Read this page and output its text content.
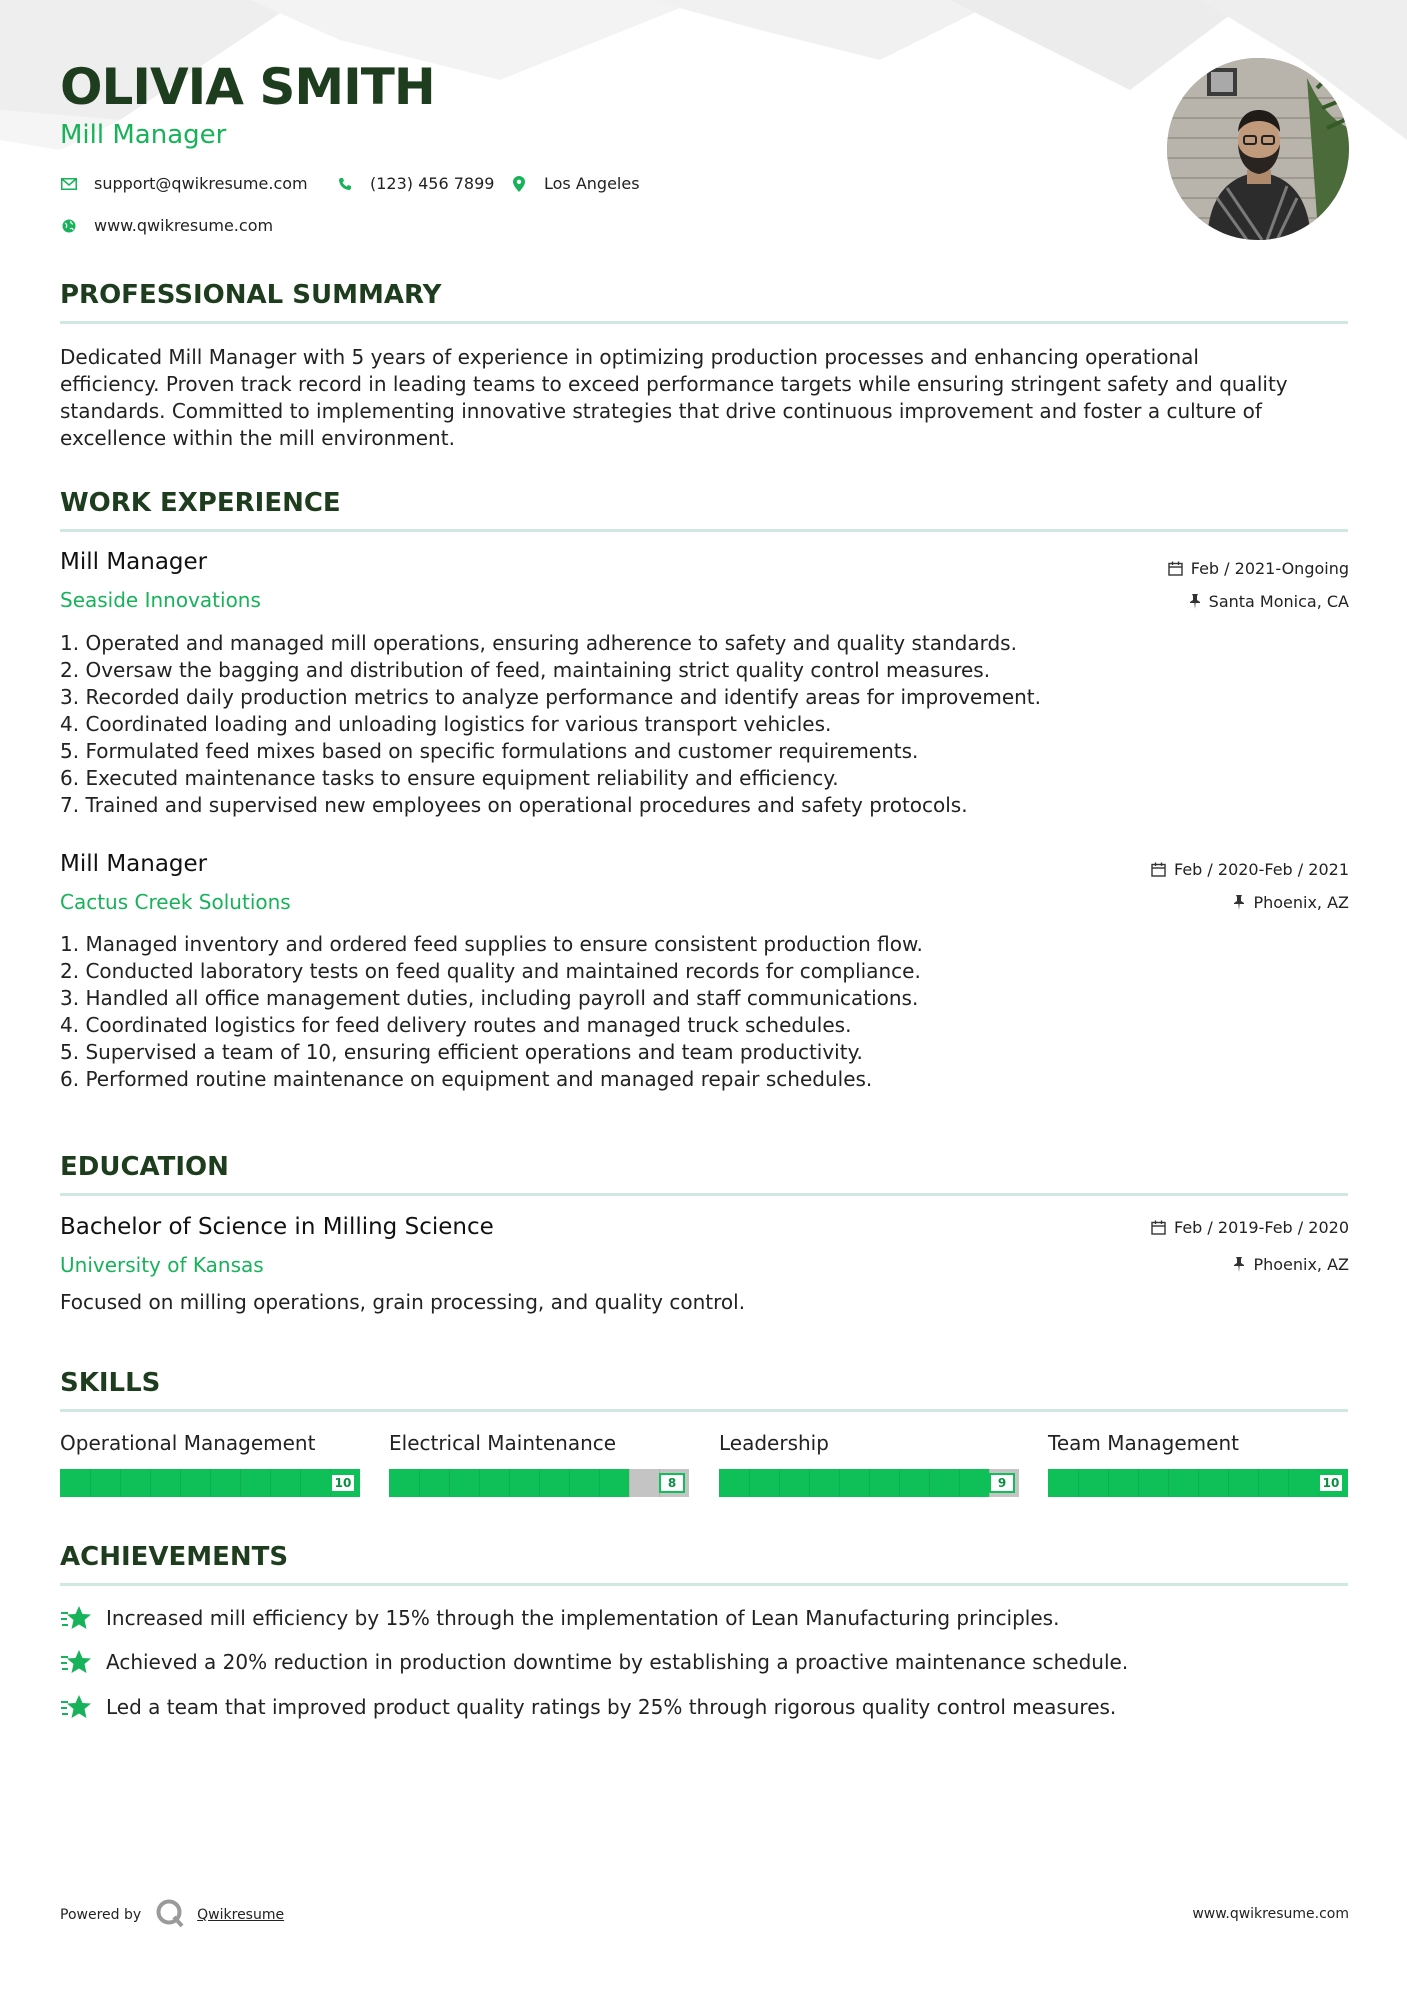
OLIVIA SMITH
Mill Manager
support@qwikresume.com	(123) 456 7899	Los Angeles
www.qwikresume.com
PROFESSIONAL SUMMARY
Dedicated Mill Manager with 5 years of experience in optimizing production processes and enhancing operational
efficiency. Proven track record in leading teams to exceed performance targets while ensuring stringent safety and quality
standards. Committed to implementing innovative strategies that drive continuous improvement and foster a culture of
excellence within the mill environment.
WORK EXPERIENCE
Mill Manager
Seaside Innovations
Feb / 2021-Ongoing
Santa Monica, CA
Operated and managed mill operations, ensuring adherence to safety and quality standards.
Oversaw the bagging and distribution of feed, maintaining strict quality control measures.
Recorded daily production metrics to analyze performance and identify areas for improvement.
Coordinated loading and unloading logistics for various transport vehicles.
Formulated feed mixes based on specific formulations and customer requirements.
Executed maintenance tasks to ensure equipment reliability and efficiency.
Trained and supervised new employees on operational procedures and safety protocols.
Mill Manager
Cactus Creek Solutions
Feb / 2020-Feb / 2021
Phoenix, AZ
Managed inventory and ordered feed supplies to ensure consistent production flow.
Conducted laboratory tests on feed quality and maintained records for compliance.
Handled all office management duties, including payroll and staff communications.
Coordinated logistics for feed delivery routes and managed truck schedules.
Supervised a team of 10, ensuring efficient operations and team productivity.
Performed routine maintenance on equipment and managed repair schedules.
EDUCATION
Bachelor of Science in Milling Science
University of Kansas
Feb / 2019-Feb / 2020
Phoenix, AZ
Focused on milling operations, grain processing, and quality control.
SKILLS
Operational Management
10
Electrical Maintenance
8
Leadership
9
Team Management
10
ACHIEVEMENTS
Increased mill efficiency by 15% through the implementation of Lean Manufacturing principles.
Achieved a 20% reduction in production downtime by establishing a proactive maintenance schedule.
Led a team that improved product quality ratings by 25% through rigorous quality control measures.
Powered by	Qwikresume	www.qwikresume.com
